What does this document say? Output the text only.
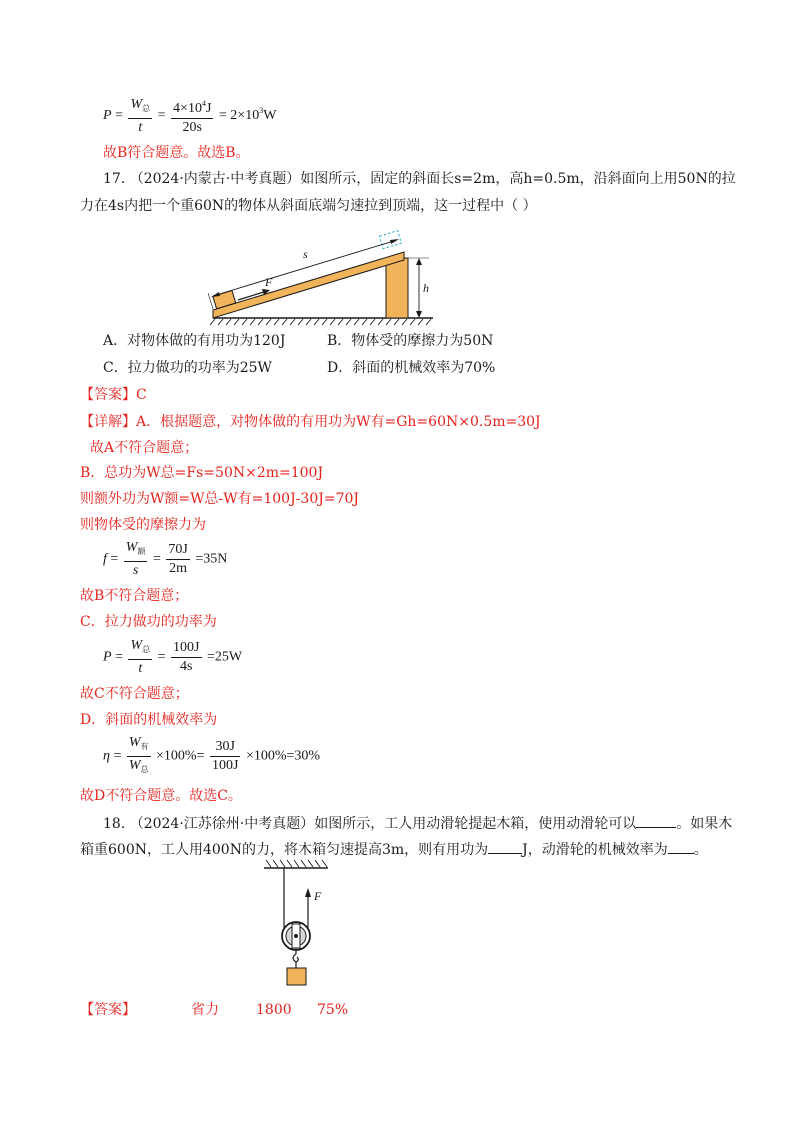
$P = \frac{W_总}{t} = \frac{4\times 10^4J}{20s} = 2\times 10^3W$
故B符合题意。故选B。
17. （2024·内蒙古·中考真题）如图所示，固定的斜面长s=2m，高h=0.5m，沿斜面向上用50N的拉
力在4s内把一个重60N的物体从斜面底端匀速拉到顶端，这一过程中（ ）
F
s
h
A．对物体做的有用功为120J	B．物体受的摩擦力为50N
C．拉力做功的功率为25W	D．斜面的机械效率为70%
【答案】C
【详解】A．根据题意，对物体做的有用功为W有=Gh=60N×0.5m=30J
故A不符合题意；
B．总功为W总=Fs=50N×2m=100J
则额外功为W额=W总-W有=100J-30J=70J
则物体受的摩擦力为
$f = \frac{W_额}{s} = \frac{70J}{2m} =35N$
故B不符合题意；
C．拉力做功的功率为
$P = \frac{W_总}{t} = \frac{100J}{4s} =25W$
故C不符合题意；
D．斜面的机械效率为
$\eta = \frac{W_有}{W_总} \times 100\%= \frac{30J}{100J} \times 100\%=30\%$
故D不符合题意。故选C。
18. （2024·江苏徐州·中考真题）如图所示，工人用动滑轮提起木箱，使用动滑轮可以	。如果木
箱重600N，工人用400N的力，将木箱匀速提高3m，则有用功为 J，动滑轮的机械效率为 。
F
【答案】	省力	1800 75%
